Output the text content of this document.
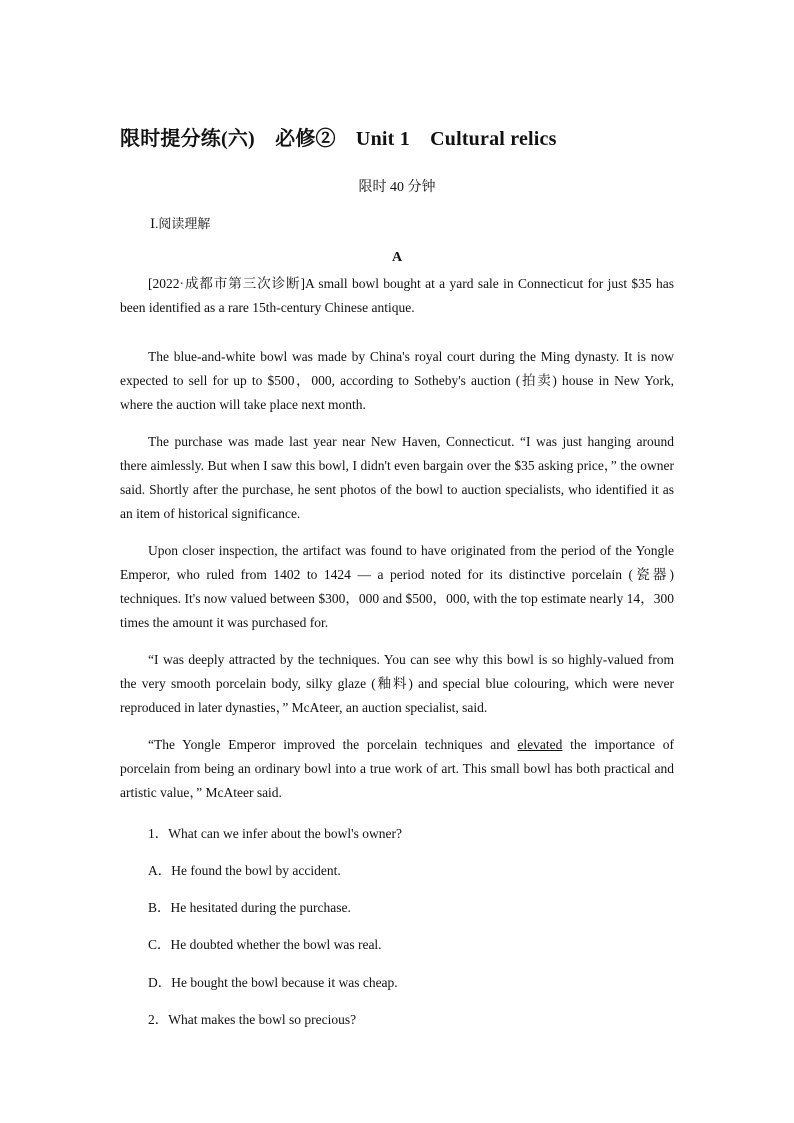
限时提分练(六)　必修②　Unit 1　Cultural relics
限时 40 分钟
Ⅰ.阅读理解
A

[2022·成都市第三次诊断]A small bowl bought at a yard sale in Connecticut for just $35 has been identified as a rare 15th-century Chinese antique.

The blue-and-white bowl was made by China's royal court during the Ming dynasty. It is now expected to sell for up to $500，000, according to Sotheby's auction (拍卖) house in New York, where the auction will take place next month.

The purchase was made last year near New Haven, Connecticut. “I was just hanging around there aimlessly. But when I saw this bowl, I didn't even bargain over the $35 asking price，” the owner said. Shortly after the purchase, he sent photos of the bowl to auction specialists, who identified it as an item of historical significance.

Upon closer inspection, the artifact was found to have originated from the period of the Yongle Emperor, who ruled from 1402 to 1424 — a period noted for its distinctive porcelain (瓷器) techniques. It's now valued between $300，000 and $500，000, with the top estimate nearly 14，300 times the amount it was purchased for.

“I was deeply attracted by the techniques. You can see why this bowl is so highly-valued from the very smooth porcelain body, silky glaze (釉料) and special blue colouring, which were never reproduced in later dynasties，” McAteer, an auction specialist, said.

“The Yongle Emperor improved the porcelain techniques and elevated the importance of porcelain from being an ordinary bowl into a true work of art. This small bowl has both practical and artistic value，” McAteer said.

1．What can we infer about the bowl's owner?
A．He found the bowl by accident.
B．He hesitated during the purchase.
C．He doubted whether the bowl was real.
D．He bought the bowl because it was cheap.
2．What makes the bowl so precious?
